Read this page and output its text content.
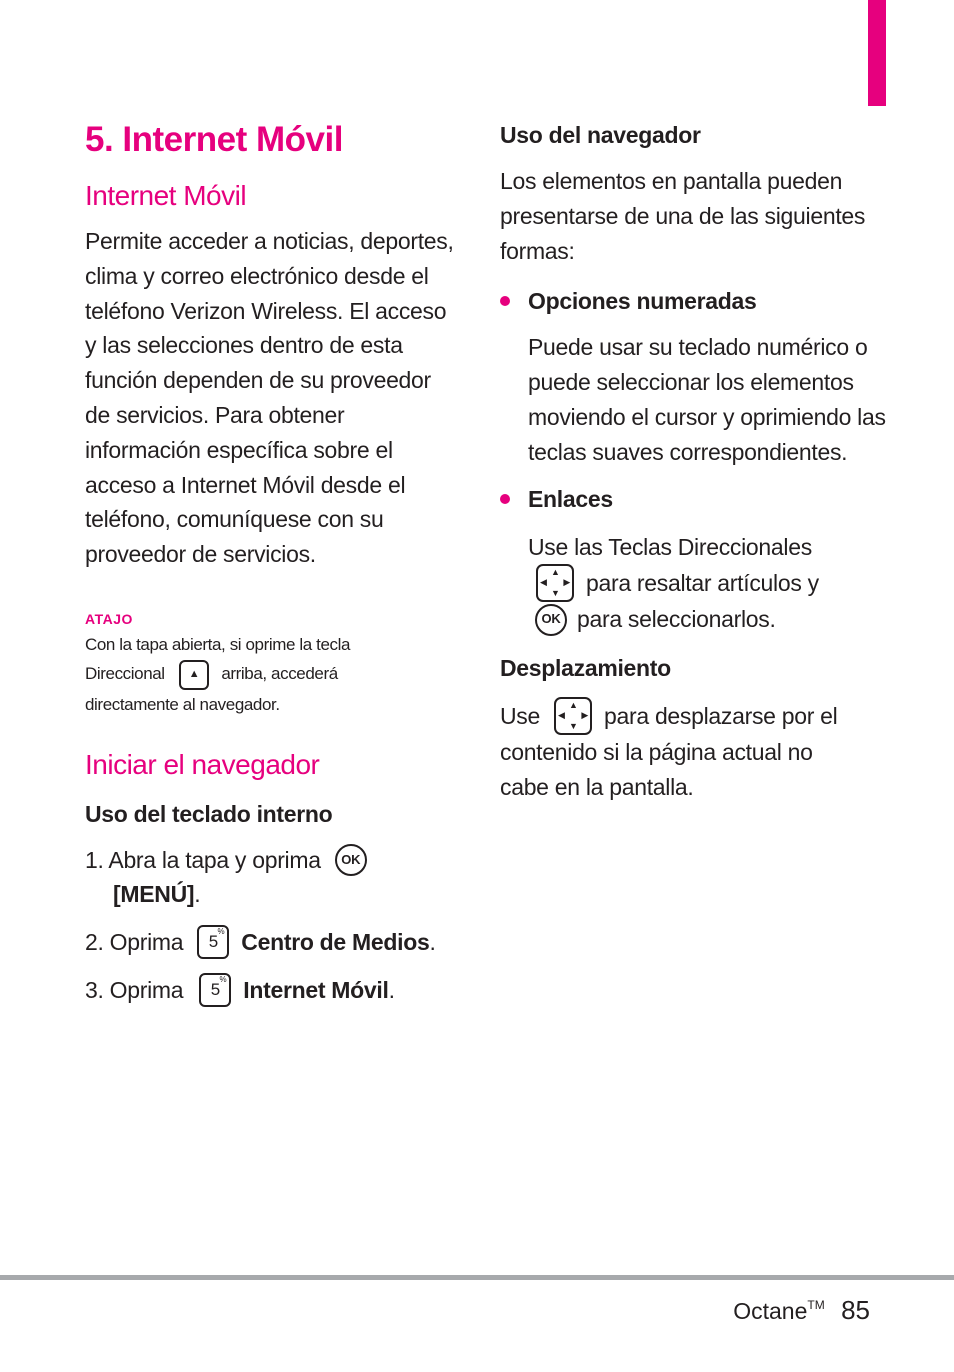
5. Internet Móvil
Internet Móvil

Permite acceder a noticias, deportes, clima y correo electrónico desde el teléfono Verizon Wireless. El acceso y las selecciones dentro de esta función dependen de su proveedor de servicios. Para obtener información específica sobre el acceso a Internet Móvil desde el teléfono, comuníquese con su proveedor de servicios.

ATAJO
Con la tapa abierta, si oprime la tecla
Direccional ▲ arriba, accederá
directamente al navegador.
Iniciar el navegador
Uso del teclado interno
1. Abra la tapa y oprima	OK
[MENÚ] .
2. Oprima 5
% Centro de Medios .
3. Oprima 5
% Internet Móvil .
Uso del navegador

Los elementos en pantalla pueden presentarse de una de las siguientes formas:

Opciones numeradas

Puede usar su teclado numérico o puede seleccionar los elementos moviendo el cursor y oprimiendo las teclas suaves correspondientes.

Enlaces
Use las Teclas Direccionales
▲
▼
◀ ▶ para resaltar artículos y
OK para seleccionarlos.
Desplazamiento
Use	▲
▼
◀ ▶ para desplazarse por el

contenido si la página actual no cabe en la pantalla.

Octane™ 85
